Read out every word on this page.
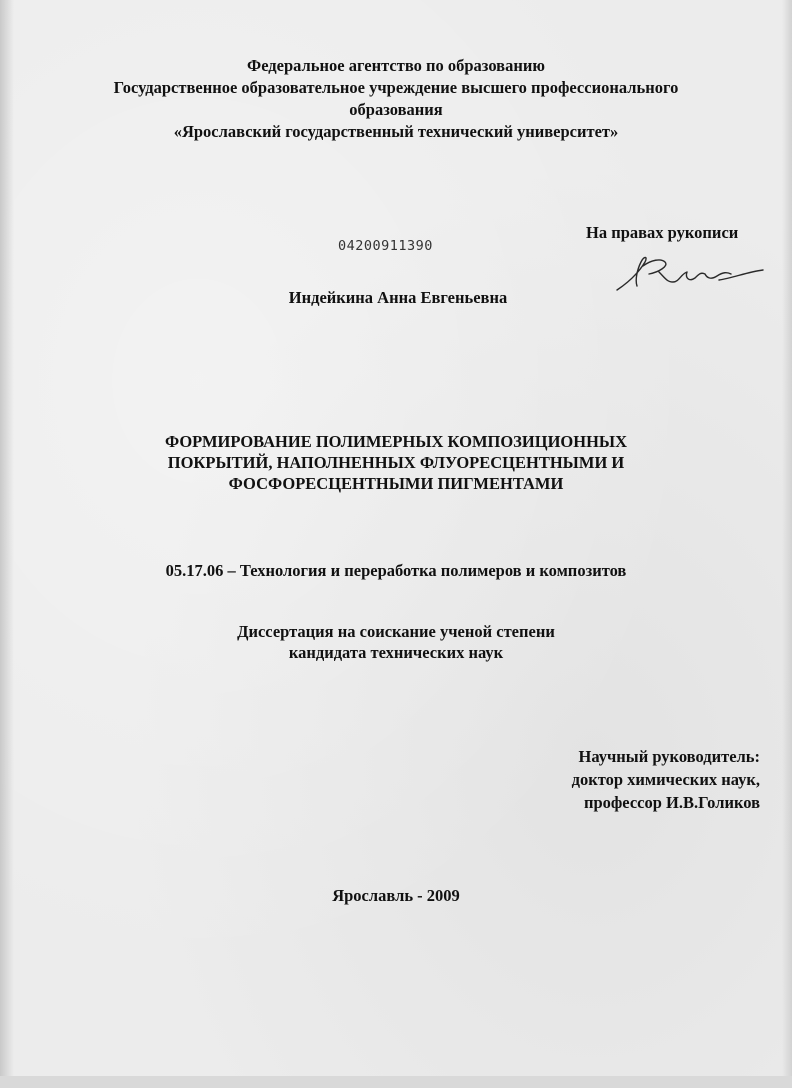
Федеральное агентство по образованию
Государственное образовательное учреждение высшего профессионального
образования
«Ярославский государственный технический университет»
На правах рукописи
04200911390
Индейкина Анна Евгеньевна
ФОРМИРОВАНИЕ ПОЛИМЕРНЫХ КОМПОЗИЦИОННЫХ
ПОКРЫТИЙ, НАПОЛНЕННЫХ ФЛУОРЕСЦЕНТНЫМИ И
ФОСФОРЕСЦЕНТНЫМИ ПИГМЕНТАМИ
05.17.06 – Технология и переработка полимеров и композитов
Диссертация на соискание ученой степени
кандидата технических наук
Научный руководитель:
доктор химических наук,
профессор И.В.Голиков
Ярославль - 2009
